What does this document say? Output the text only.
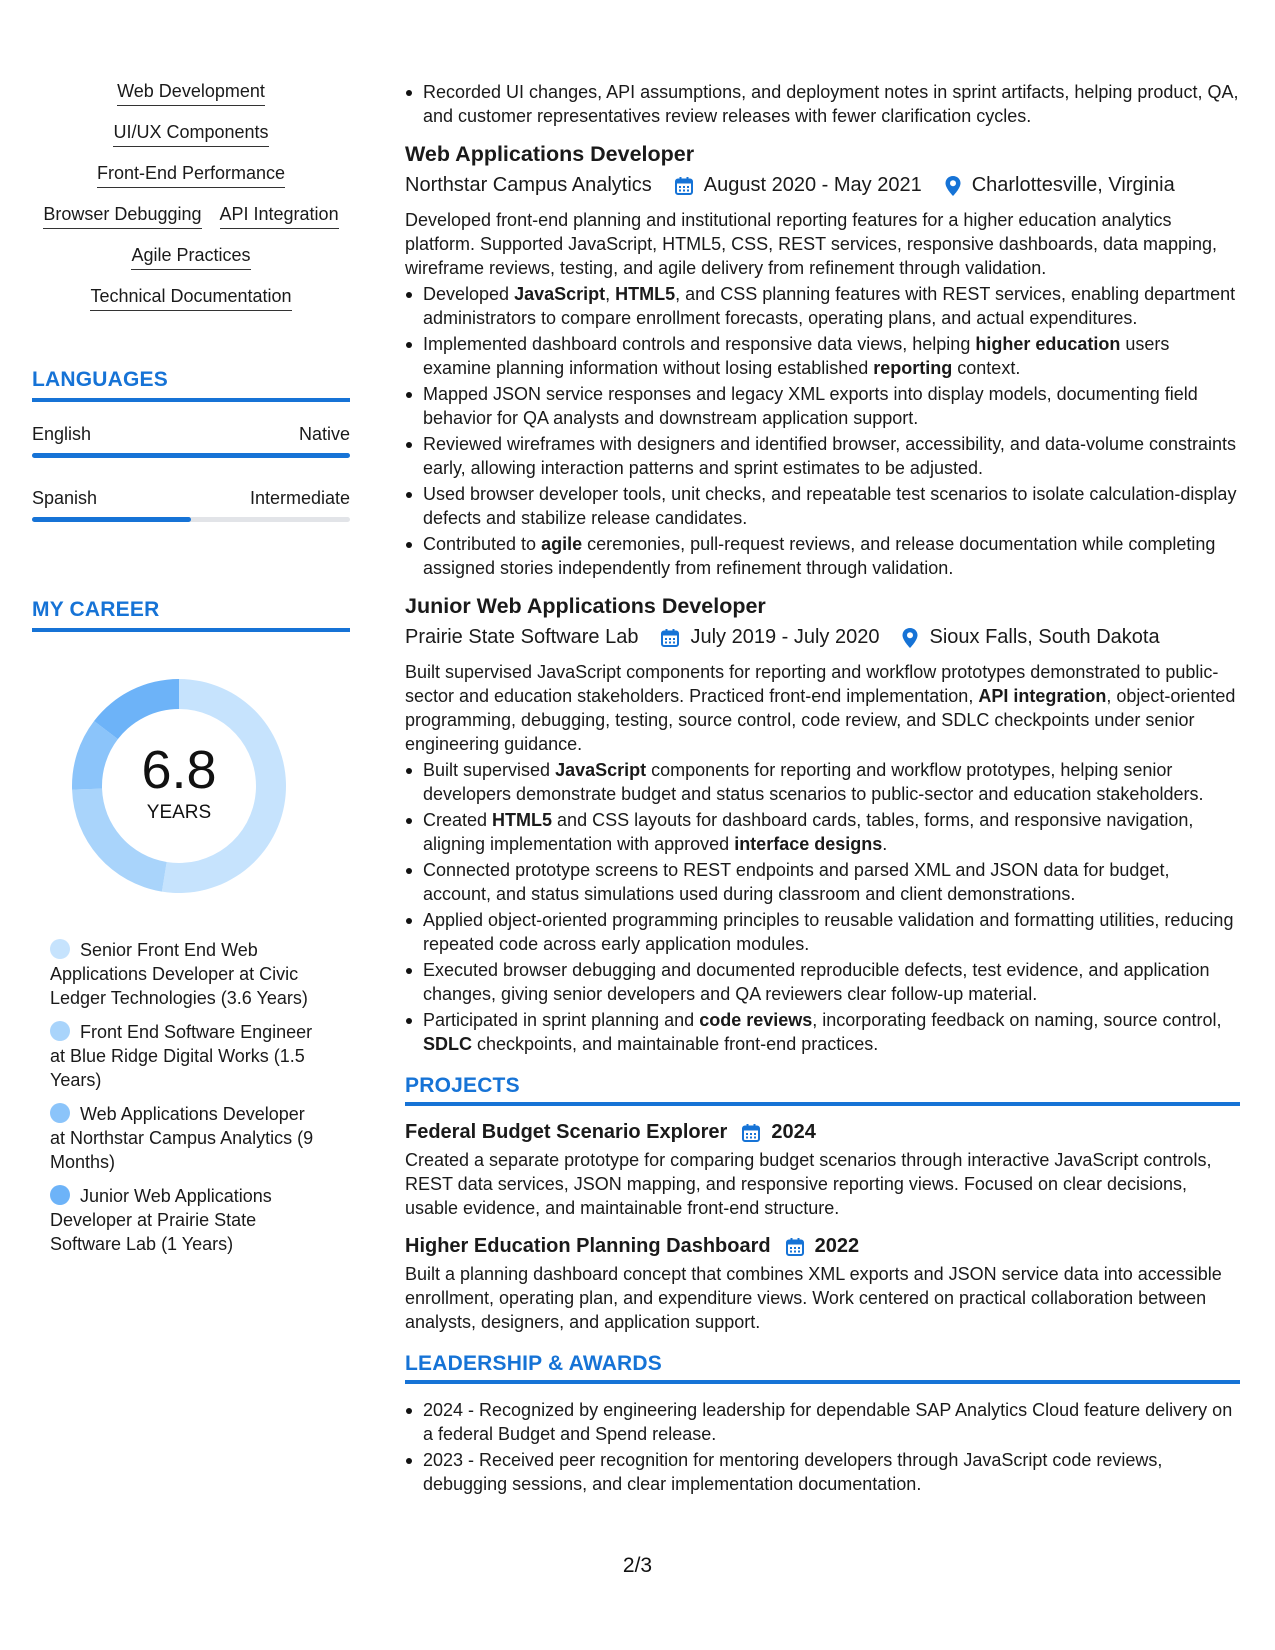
Web Development
UI/UX Components
Front-End Performance
Browser Debugging API Integration
Agile Practices
Technical Documentation
LANGUAGES
English	Native
Spanish	Intermediate
MY CAREER
6.8
YEARS
Senior Front End Web Applications Developer at Civic Ledger Technologies (3.6 Years)
Front End Software Engineer at Blue Ridge Digital Works (1.5 Years)
Web Applications Developer at Northstar Campus Analytics (9 Months)
Junior Web Applications Developer at Prairie State Software Lab (1 Years)
Recorded UI changes, API assumptions, and deployment notes in sprint artifacts, helping product, QA, and customer representatives review releases with fewer clarification cycles.
Web Applications Developer
Northstar Campus Analytics	August 2020 - May 2021	Charlottesville, Virginia
Developed front-end planning and institutional reporting features for a higher education analytics platform. Supported JavaScript, HTML5, CSS, REST services, responsive dashboards, data mapping, wireframe reviews, testing, and agile delivery from refinement through validation.
Developed JavaScript, HTML5, and CSS planning features with REST services, enabling department administrators to compare enrollment forecasts, operating plans, and actual expenditures.
Implemented dashboard controls and responsive data views, helping higher education users examine planning information without losing established reporting context.
Mapped JSON service responses and legacy XML exports into display models, documenting field behavior for QA analysts and downstream application support.
Reviewed wireframes with designers and identified browser, accessibility, and data-volume constraints early, allowing interaction patterns and sprint estimates to be adjusted.
Used browser developer tools, unit checks, and repeatable test scenarios to isolate calculation-display defects and stabilize release candidates.
Contributed to agile ceremonies, pull-request reviews, and release documentation while completing assigned stories independently from refinement through validation.
Junior Web Applications Developer
Prairie State Software Lab	July 2019 - July 2020	Sioux Falls, South Dakota
Built supervised JavaScript components for reporting and workflow prototypes demonstrated to public-sector and education stakeholders. Practiced front-end implementation, API integration, object-oriented programming, debugging, testing, source control, code review, and SDLC checkpoints under senior engineering guidance.
Built supervised JavaScript components for reporting and workflow prototypes, helping senior developers demonstrate budget and status scenarios to public-sector and education stakeholders.
Created HTML5 and CSS layouts for dashboard cards, tables, forms, and responsive navigation, aligning implementation with approved interface designs.
Connected prototype screens to REST endpoints and parsed XML and JSON data for budget, account, and status simulations used during classroom and client demonstrations.
Applied object-oriented programming principles to reusable validation and formatting utilities, reducing repeated code across early application modules.
Executed browser debugging and documented reproducible defects, test evidence, and application changes, giving senior developers and QA reviewers clear follow-up material.
Participated in sprint planning and code reviews, incorporating feedback on naming, source control, SDLC checkpoints, and maintainable front-end practices.
PROJECTS
Federal Budget Scenario Explorer 2024
Created a separate prototype for comparing budget scenarios through interactive JavaScript controls, REST data services, JSON mapping, and responsive reporting views. Focused on clear decisions, usable evidence, and maintainable front-end structure.
Higher Education Planning Dashboard 2022
Built a planning dashboard concept that combines XML exports and JSON service data into accessible enrollment, operating plan, and expenditure views. Work centered on practical collaboration between analysts, designers, and application support.
LEADERSHIP & AWARDS
2024 - Recognized by engineering leadership for dependable SAP Analytics Cloud feature delivery on a federal Budget and Spend release.
2023 - Received peer recognition for mentoring developers through JavaScript code reviews, debugging sessions, and clear implementation documentation.
2/3
